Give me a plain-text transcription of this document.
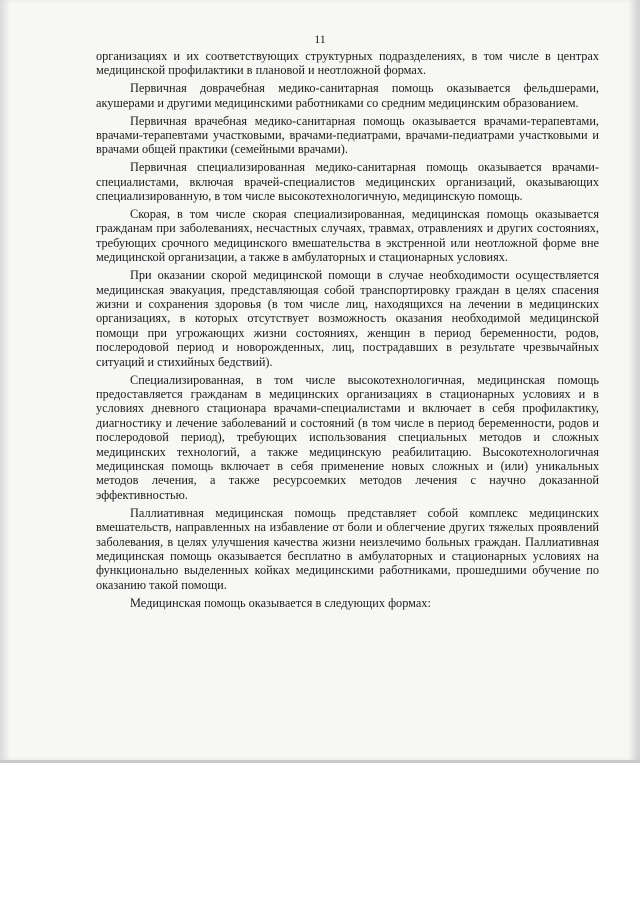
11

организациях и их соответствующих структурных подразделениях, в том числе в центрах медицинской профилактики в плановой и неотложной формах.

Первичная доврачебная медико-санитарная помощь оказывается фельдшерами, акушерами и другими медицинскими работниками со средним медицинским образованием.

Первичная врачебная медико-санитарная помощь оказывается врачами-терапевтами, врачами-терапевтами участковыми, врачами-педиатрами, врачами-педиатрами участковыми и врачами общей практики (семейными врачами).

Первичная специализированная медико-санитарная помощь оказывается врачами-специалистами, включая врачей-специалистов медицинских организаций, оказывающих специализированную, в том числе высокотехнологичную, медицинскую помощь.

Скорая, в том числе скорая специализированная, медицинская помощь оказывается гражданам при заболеваниях, несчастных случаях, травмах, отравлениях и других состояниях, требующих срочного медицинского вмешательства в экстренной или неотложной форме вне медицинской организации, а также в амбулаторных и стационарных условиях.

При оказании скорой медицинской помощи в случае необходимости осуществляется медицинская эвакуация, представляющая собой транспортировку граждан в целях спасения жизни и сохранения здоровья (в том числе лиц, находящихся на лечении в медицинских организациях, в которых отсутствует возможность оказания необходимой медицинской помощи при угрожающих жизни состояниях, женщин в период беременности, родов, послеродовой период и новорожденных, лиц, пострадавших в результате чрезвычайных ситуаций и стихийных бедствий).

Специализированная, в том числе высокотехнологичная, медицинская помощь предоставляется гражданам в медицинских организациях в стационарных условиях и в условиях дневного стационара врачами-специалистами и включает в себя профилактику, диагностику и лечение заболеваний и состояний (в том числе в период беременности, родов и послеродовой период), требующих использования специальных методов и сложных медицинских технологий, а также медицинскую реабилитацию. Высокотехнологичная медицинская помощь включает в себя применение новых сложных и (или) уникальных методов лечения, а также ресурсоемких методов лечения с научно доказанной эффективностью.

Паллиативная медицинская помощь представляет собой комплекс медицинских вмешательств, направленных на избавление от боли и облегчение других тяжелых проявлений заболевания, в целях улучшения качества жизни неизлечимо больных граждан. Паллиативная медицинская помощь оказывается бесплатно в амбулаторных и стационарных условиях на функционально выделенных койках медицинскими работниками, прошедшими обучение по оказанию такой помощи.

Медицинская помощь оказывается в следующих формах:
